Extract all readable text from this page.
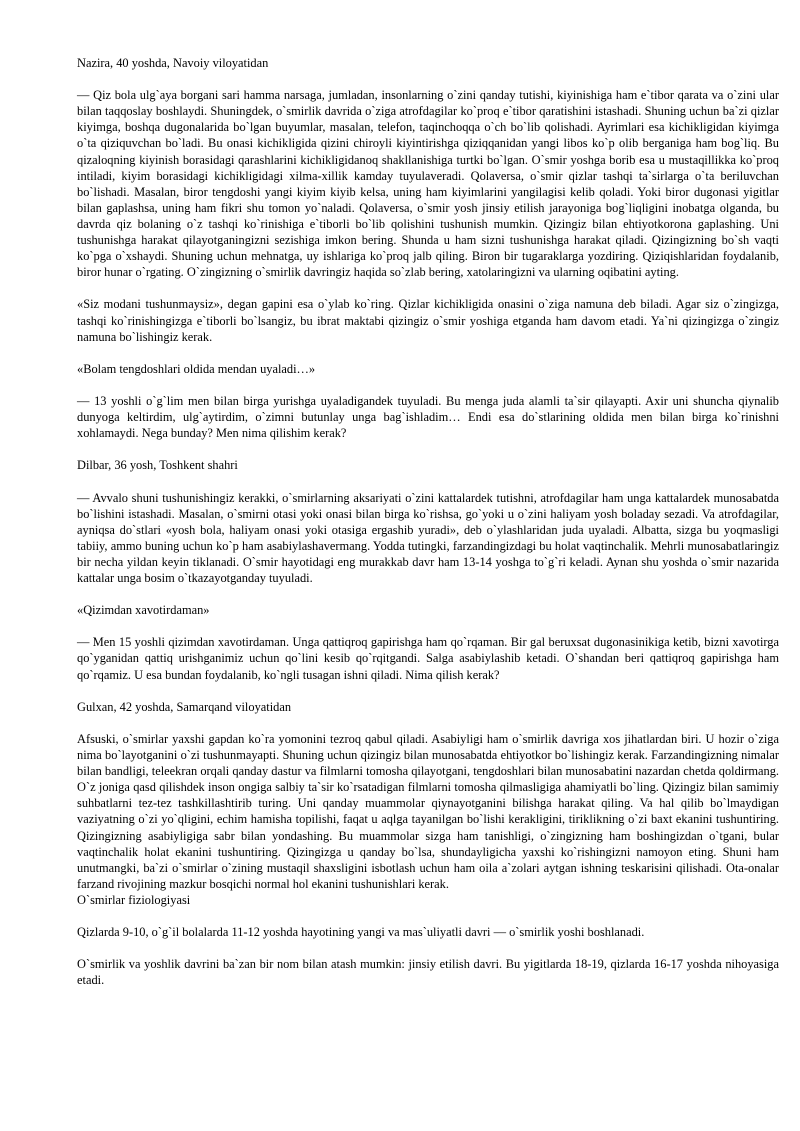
Nazira, 40 yoshda, Navoiy viloyatidan

— Qiz bola ulg`aya borgani sari hamma narsaga, jumladan, insonlarning o`zini qanday tutishi, kiyinishiga ham e`tibor qarata va o`zini ular bilan taqqoslay boshlaydi. Shuningdek, o`smirlik davrida o`ziga atrofdagilar ko`proq e`tibor qaratishini istashadi. Shuning uchun ba`zi qizlar kiyimga, boshqa dugonalarida bo`lgan buyumlar, masalan, telefon, taqinchoqqa o`ch bo`lib qolishadi. Ayrimlari esa kichikligidan kiyimga o`ta qiziquvchan bo`ladi. Bu onasi kichikligida qizini chiroyli kiyintirishga qiziqqanidan yangi libos ko`p olib berganiga ham bog`liq. Bu qizaloqning kiyinish borasidagi qarashlarini kichikligidanoq shakllanishiga turtki bo`lgan. O`smir yoshga borib esa u mustaqillikka ko`proq intiladi, kiyim borasidagi kichikligidagi xilma-xillik kamday tuyulaveradi. Qolaversa, o`smir qizlar tashqi ta`sirlarga o`ta beriluvchan bo`lishadi. Masalan, biror tengdoshi yangi kiyim kiyib kelsa, uning ham kiyimlarini yangilagisi kelib qoladi. Yoki biror dugonasi yigitlar bilan gaplashsa, uning ham fikri shu tomon yo`naladi. Qolaversa, o`smir yosh jinsiy etilish jarayoniga bog`liqligini inobatga olganda, bu davrda qiz bolaning o`z tashqi ko`rinishiga e`tiborli bo`lib qolishini tushunish mumkin. Qizingiz bilan ehtiyotkorona gaplashing. Uni tushunishga harakat qilayotganingizni sezishiga imkon bering. Shunda u ham sizni tushunishga harakat qiladi. Qizingizning bo`sh vaqti ko`pga o`xshaydi. Shuning uchun mehnatga, uy ishlariga ko`proq jalb qiling. Biron bir tugaraklarga yozdiring. Qiziqishlaridan foydalanib, biror hunar o`rgating. O`zingizning o`smirlik davringiz haqida so`zlab bering, xatolaringizni va ularning oqibatini ayting.

«Siz modani tushunmaysiz», degan gapini esa o`ylab ko`ring. Qizlar kichikligida onasini o`ziga namuna deb biladi. Agar siz o`zingizga, tashqi ko`rinishingizga e`tiborli bo`lsangiz, bu ibrat maktabi qizingiz o`smir yoshiga etganda ham davom etadi. Ya`ni qizingizga o`zingiz namuna bo`lishingiz kerak.

«Bolam tengdoshlari oldida mendan uyaladi…»

— 13 yoshli o`g`lim men bilan birga yurishga uyaladigandek tuyuladi. Bu menga juda alamli ta`sir qilayapti. Axir uni shuncha qiynalib dunyoga keltirdim, ulg`aytirdim, o`zimni butunlay unga bag`ishladim… Endi esa do`stlarining oldida men bilan birga ko`rinishni xohlamaydi. Nega bunday? Men nima qilishim kerak?

Dilbar, 36 yosh, Toshkent shahri

— Avvalo shuni tushunishingiz kerakki, o`smirlarning aksariyati o`zini kattalardek tutishni, atrofdagilar ham unga kattalardek munosabatda bo`lishini istashadi. Masalan, o`smirni otasi yoki onasi bilan birga ko`rishsa, go`yoki u o`zini haliyam yosh boladay sezadi. Va atrofdagilar, ayniqsa do`stlari «yosh bola, haliyam onasi yoki otasiga ergashib yuradi», deb o`ylashlaridan juda uyaladi. Albatta, sizga bu yoqmasligi tabiiy, ammo buning uchun ko`p ham asabiylashavermang. Yodda tutingki, farzandingizdagi bu holat vaqtinchalik. Mehrli munosabatlaringiz bir necha yildan keyin tiklanadi. O`smir hayotidagi eng murakkab davr ham 13-14 yoshga to`g`ri keladi. Aynan shu yoshda o`smir nazarida kattalar unga bosim o`tkazayotganday tuyuladi.

«Qizimdan xavotirdaman»

— Men 15 yoshli qizimdan xavotirdaman. Unga qattiqroq gapirishga ham qo`rqaman. Bir gal beruxsat dugonasinikiga ketib, bizni xavotirga qo`yganidan qattiq urishganimiz uchun qo`lini kesib qo`rqitgandi. Salga asabiylashib ketadi. O`shandan beri qattiqroq gapirishga ham qo`rqamiz. U esa bundan foydalanib, ko`ngli tusagan ishni qiladi. Nima qilish kerak?

Gulxan, 42 yoshda, Samarqand viloyatidan

Afsuski, o`smirlar yaxshi gapdan ko`ra yomonini tezroq qabul qiladi. Asabiyligi ham o`smirlik davriga xos jihatlardan biri. U hozir o`ziga nima bo`layotganini o`zi tushunmayapti. Shuning uchun qizingiz bilan munosabatda ehtiyotkor bo`lishingiz kerak. Farzandingizning nimalar bilan bandligi, teleekran orqali qanday dastur va filmlarni tomosha qilayotgani, tengdoshlari bilan munosabatini nazardan chetda qoldirmang. O`z joniga qasd qilishdek inson ongiga salbiy ta`sir ko`rsatadigan filmlarni tomosha qilmasligiga ahamiyatli bo`ling. Qizingiz bilan samimiy suhbatlarni tez-tez tashkillashtirib turing. Uni qanday muammolar qiynayotganini bilishga harakat qiling. Va hal qilib bo`lmaydigan vaziyatning o`zi yo`qligini, echim hamisha topilishi, faqat u aqlga tayanilgan bo`lishi kerakligini, tiriklikning o`zi baxt ekanini tushuntiring. Qizingizning asabiyligiga sabr bilan yondashing. Bu muammolar sizga ham tanishligi, o`zingizning ham boshingizdan o`tgani, bular vaqtinchalik holat ekanini tushuntiring. Qizingizga u qanday bo`lsa, shundayligicha yaxshi ko`rishingizni namoyon eting. Shuni ham unutmangki, ba`zi o`smirlar o`zining mustaqil shaxsligini isbotlash uchun ham oila a`zolari aytgan ishning teskarisini qilishadi. Ota-onalar farzand rivojining mazkur bosqichi normal hol ekanini tushunishlari kerak.

O`smirlar fiziologiyasi

Qizlarda 9-10, o`g`il bolalarda 11-12 yoshda hayotining yangi va mas`uliyatli davri — o`smirlik yoshi boshlanadi.

O`smirlik va yoshlik davrini ba`zan bir nom bilan atash mumkin: jinsiy etilish davri. Bu yigitlarda 18-19, qizlarda 16-17 yoshda nihoyasiga etadi.
